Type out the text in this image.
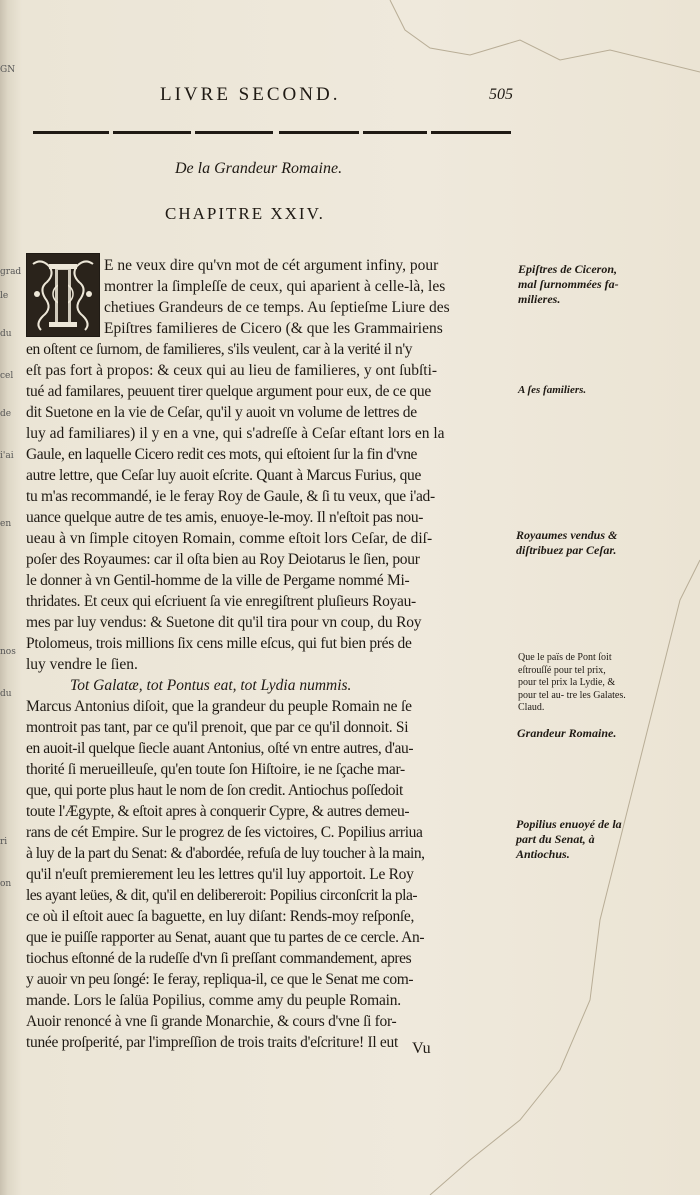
GN
grad
le
du
cel
de
i'ai
en
nos
du
ri
on
LIVRE SECOND.	505
De la Grandeur Romaine.
CHAPITRE XXIV.
E ne veux dire qu'vn mot de cét argument infiny, pour
montrer la ſimpleſſe de ceux, qui aparient à celle-là, les
chetiues Grandeurs de ce temps. Au ſeptieſme Liure des
Epiſtres familieres de Cicero (& que les Grammairiens
en oſtent ce ſurnom, de familieres, s'ils veulent, car à la verité il n'y
eſt pas fort à propos: & ceux qui au lieu de familieres, y ont ſubſti-
tué ad familares, peuuent tirer quelque argument pour eux, de ce que
dit Suetone en la vie de Ceſar, qu'il y auoit vn volume de lettres de
luy ad familiares) il y en a vne, qui s'adreſſe à Ceſar eſtant lors en la
Gaule, en laquelle Cicero redit ces mots, qui eſtoient ſur la fin d'vne
autre lettre, que Ceſar luy auoit eſcrite. Quant à Marcus Furius, que
tu m'as recommandé, ie le feray Roy de Gaule, & ſi tu veux, que i'ad-
uance quelque autre de tes amis, enuoye-le-moy. Il n'eſtoit pas nou-
ueau à vn ſimple citoyen Romain, comme eſtoit lors Ceſar, de diſ-
poſer des Royaumes: car il oſta bien au Roy Deiotarus le ſien, pour
le donner à vn Gentil-homme de la ville de Pergame nommé Mi-
thridates. Et ceux qui eſcriuent ſa vie enregiſtrent pluſieurs Royau-
mes par luy vendus: & Suetone dit qu'il tira pour vn coup, du Roy
Ptolomeus, trois millions ſix cens mille eſcus, qui fut bien prés de
luy vendre le ſien.
Tot Galatæ, tot Pontus eat, tot Lydia nummis.
Marcus Antonius diſoit, que la grandeur du peuple Romain ne ſe
montroit pas tant, par ce qu'il prenoit, que par ce qu'il donnoit. Si
en auoit-il quelque ſiecle auant Antonius, oſté vn entre autres, d'au-
thorité ſi merueilleuſe, qu'en toute ſon Hiſtoire, ie ne ſçache mar-
que, qui porte plus haut le nom de ſon credit. Antiochus poſſedoit
toute l'Ægypte, & eſtoit apres à conquerir Cypre, & autres demeu-
rans de cét Empire. Sur le progrez de ſes victoires, C. Popilius arriua
à luy de la part du Senat: & d'abordée, refuſa de luy toucher à la main,
qu'il n'euſt premierement leu les lettres qu'il luy apportoit. Le Roy
les ayant leües, & dit, qu'il en delibereroit: Popilius circonſcrit la pla-
ce où il eſtoit auec ſa baguette, en luy diſant: Rends-moy reſponſe,
que ie puiſſe rapporter au Senat, auant que tu partes de ce cercle. An-
tiochus eſtonné de la rudeſſe d'vn ſi preſſant commandement, apres
y auoir vn peu ſongé: Ie feray, repliqua-il, ce que le Senat me com-
mande. Lors le ſalüa Popilius, comme amy du peuple Romain.
Auoir renoncé à vne ſi grande Monarchie, & cours d'vne ſi for-
tunée proſperité, par l'impreſſion de trois traits d'eſcriture! Il eut
Epiſtres de Ciceron, mal ſurnommées fa- milieres.
A ſes familiers.
Royaumes vendus & diſtribuez par Ceſar.
Que le païs de Pont ſoit eſtrouſſé pour tel prix, pour tel prix la Lydie, & pour tel au- tre les Galates. Claud.
Grandeur Romaine.
Popilius enuoyé de la part du Senat, à Antiochus.
Vu
